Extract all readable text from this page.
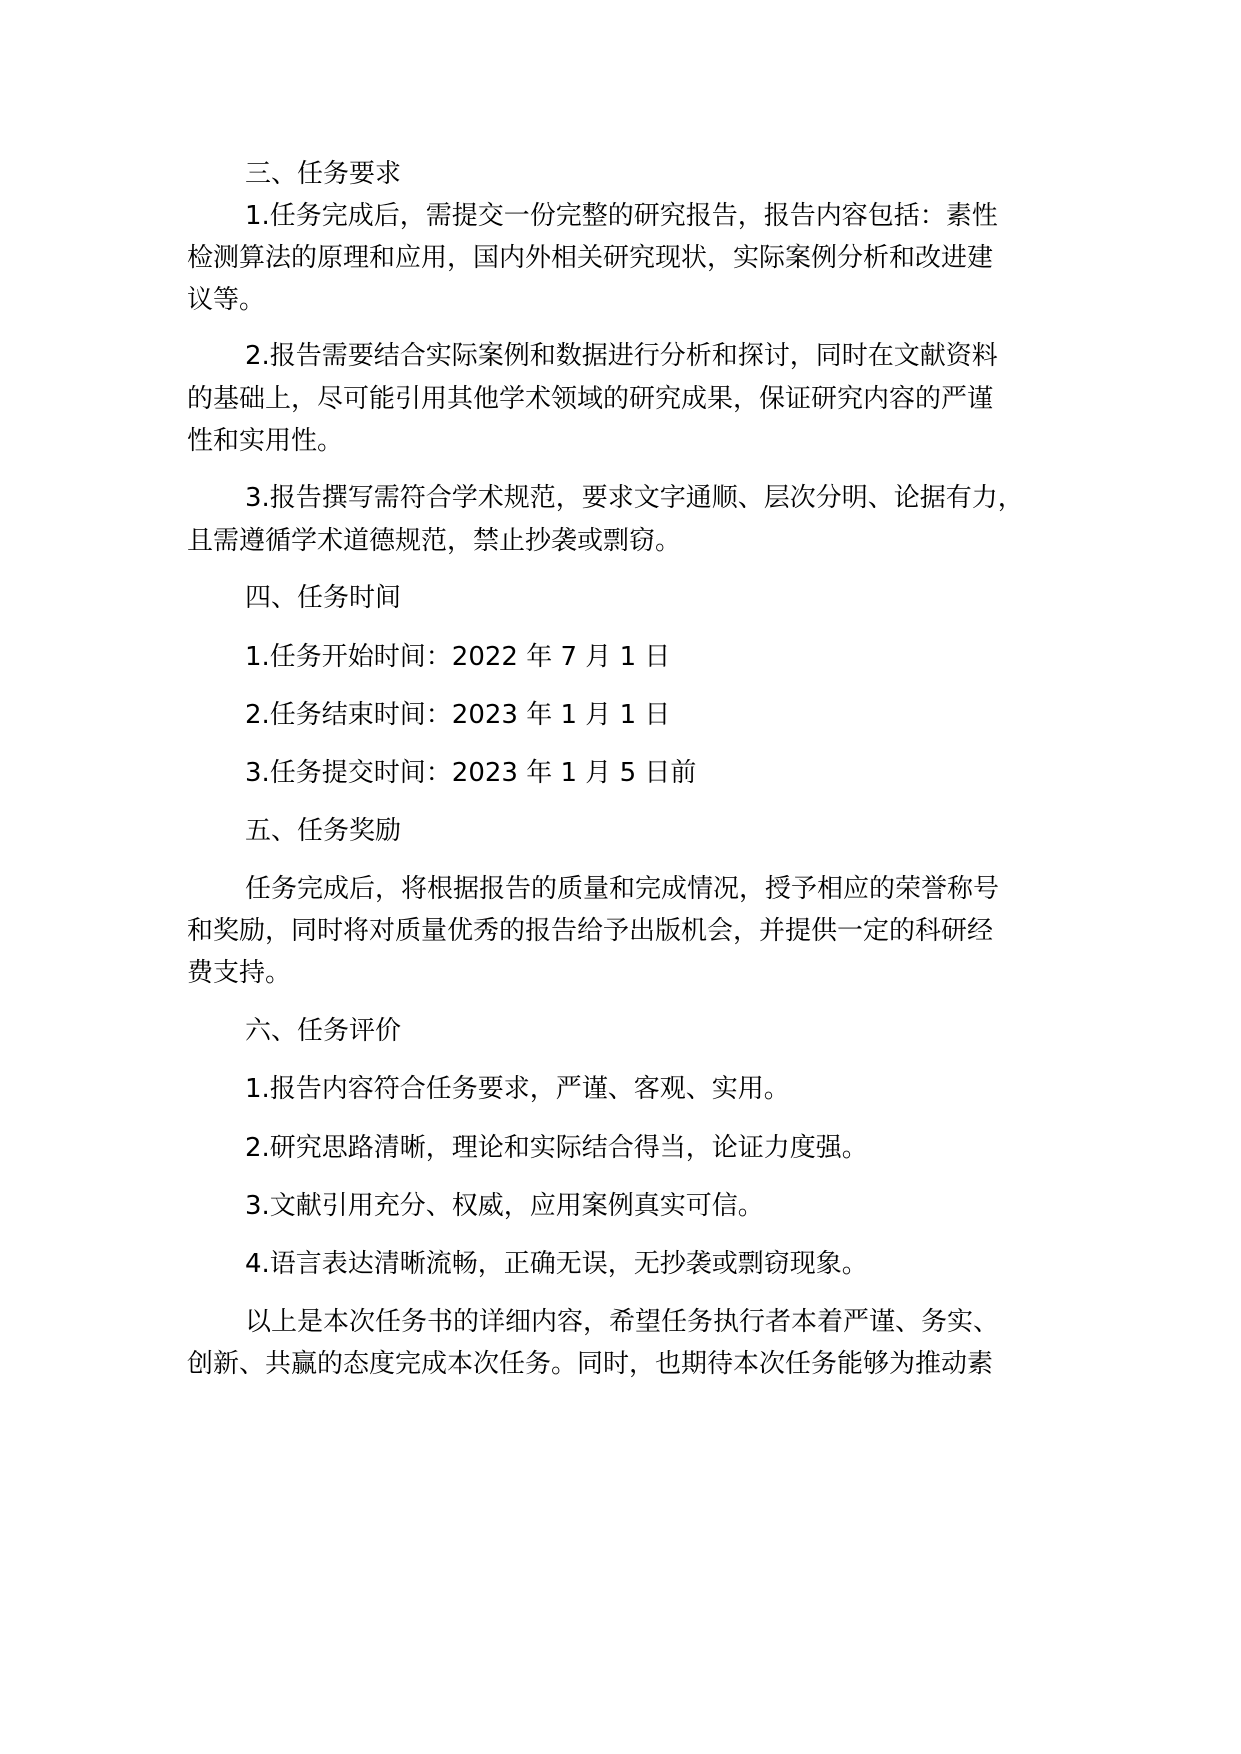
三、任务要求
1.任务完成后，需提交一份完整的研究报告，报告内容包括：素性
检测算法的原理和应用，国内外相关研究现状，实际案例分析和改进建
议等。
2.报告需要结合实际案例和数据进行分析和探讨，同时在文献资料
的基础上，尽可能引用其他学术领域的研究成果，保证研究内容的严谨
性和实用性。
3.报告撰写需符合学术规范，要求文字通顺、层次分明、论据有力，
且需遵循学术道德规范，禁止抄袭或剽窃。
四、任务时间
1.任务开始时间：2022 年 7 月 1 日
2.任务结束时间：2023 年 1 月 1 日
3.任务提交时间：2023 年 1 月 5 日前
五、任务奖励
任务完成后，将根据报告的质量和完成情况，授予相应的荣誉称号
和奖励，同时将对质量优秀的报告给予出版机会，并提供一定的科研经
费支持。
六、任务评价
1.报告内容符合任务要求，严谨、客观、实用。
2.研究思路清晰，理论和实际结合得当，论证力度强。
3.文献引用充分、权威，应用案例真实可信。
4.语言表达清晰流畅，正确无误，无抄袭或剽窃现象。
以上是本次任务书的详细内容，希望任务执行者本着严谨、务实、
创新、共赢的态度完成本次任务。同时，也期待本次任务能够为推动素
